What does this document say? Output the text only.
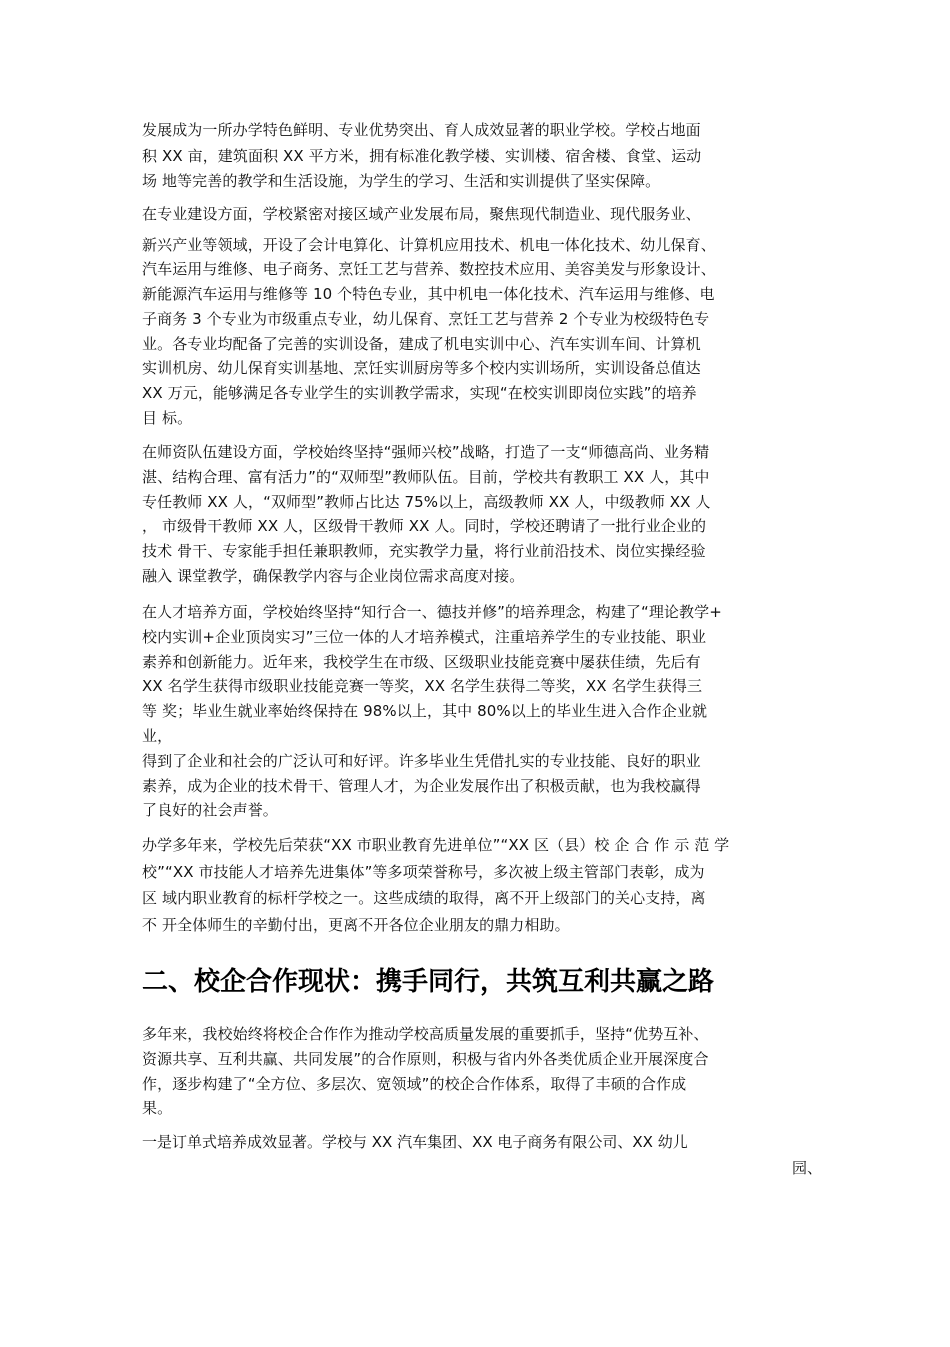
发展成为一所办学特色鲜明、专业优势突出、育人成效显著的职业学校。学校占地面
积 XX 亩，建筑面积 XX 平方米，拥有标准化教学楼、实训楼、宿舍楼、食堂、运动
场 地等完善的教学和生活设施，为学生的学习、生活和实训提供了坚实保障。
在专业建设方面，学校紧密对接区域产业发展布局，聚焦现代制造业、现代服务业、
新兴产业等领域，开设了会计电算化、计算机应用技术、机电一体化技术、幼儿保育、
汽车运用与维修、电子商务、烹饪工艺与营养、数控技术应用、美容美发与形象设计、
新能源汽车运用与维修等 10 个特色专业，其中机电一体化技术、汽车运用与维修、电
子商务 3 个专业为市级重点专业，幼儿保育、烹饪工艺与营养 2 个专业为校级特色专
业。各专业均配备了完善的实训设备，建成了机电实训中心、汽车实训车间、计算机
实训机房、幼儿保育实训基地、烹饪实训厨房等多个校内实训场所，实训设备总值达
XX 万元，能够满足各专业学生的实训教学需求，实现“在校实训即岗位实践”的培养
目 标。
在师资队伍建设方面，学校始终坚持“强师兴校”战略，打造了一支“师德高尚、业务精
湛、结构合理、富有活力”的“双师型”教师队伍。目前，学校共有教职工 XX 人，其中
专任教师 XX 人，“双师型”教师占比达 75%以上，高级教师 XX 人，中级教师 XX 人
， 市级骨干教师 XX 人，区级骨干教师 XX 人。同时，学校还聘请了一批行业企业的
技术 骨干、专家能手担任兼职教师，充实教学力量，将行业前沿技术、岗位实操经验
融入 课堂教学，确保教学内容与企业岗位需求高度对接。
在人才培养方面，学校始终坚持“知行合一、德技并修”的培养理念，构建了“理论教学+
校内实训+企业顶岗实习”三位一体的人才培养模式，注重培养学生的专业技能、职业
素养和创新能力。近年来，我校学生在市级、区级职业技能竞赛中屡获佳绩，先后有
XX 名学生获得市级职业技能竞赛一等奖，XX 名学生获得二等奖，XX 名学生获得三
等 奖；毕业生就业率始终保持在 98%以上，其中 80%以上的毕业生进入合作企业就
业，
得到了企业和社会的广泛认可和好评。许多毕业生凭借扎实的专业技能、良好的职业
素养，成为企业的技术骨干、管理人才，为企业发展作出了积极贡献，也为我校赢得
了良好的社会声誉。
办学多年来，学校先后荣获“XX 市职业教育先进单位”“XX 区（县）校 企 合 作 示 范 学
校”“XX 市技能人才培养先进集体”等多项荣誉称号，多次被上级主管部门表彰，成为
区 域内职业教育的标杆学校之一。这些成绩的取得，离不开上级部门的关心支持，离
不 开全体师生的辛勤付出，更离不开各位企业朋友的鼎力相助。
二、校企合作现状：携手同行，共筑互利共赢之路
多年来，我校始终将校企合作作为推动学校高质量发展的重要抓手，坚持“优势互补、
资源共享、互利共赢、共同发展”的合作原则，积极与省内外各类优质企业开展深度合
作，逐步构建了“全方位、多层次、宽领域”的校企合作体系，取得了丰硕的合作成
果。
一是订单式培养成效显著。学校与 XX 汽车集团、XX 电子商务有限公司、XX 幼儿
园、
